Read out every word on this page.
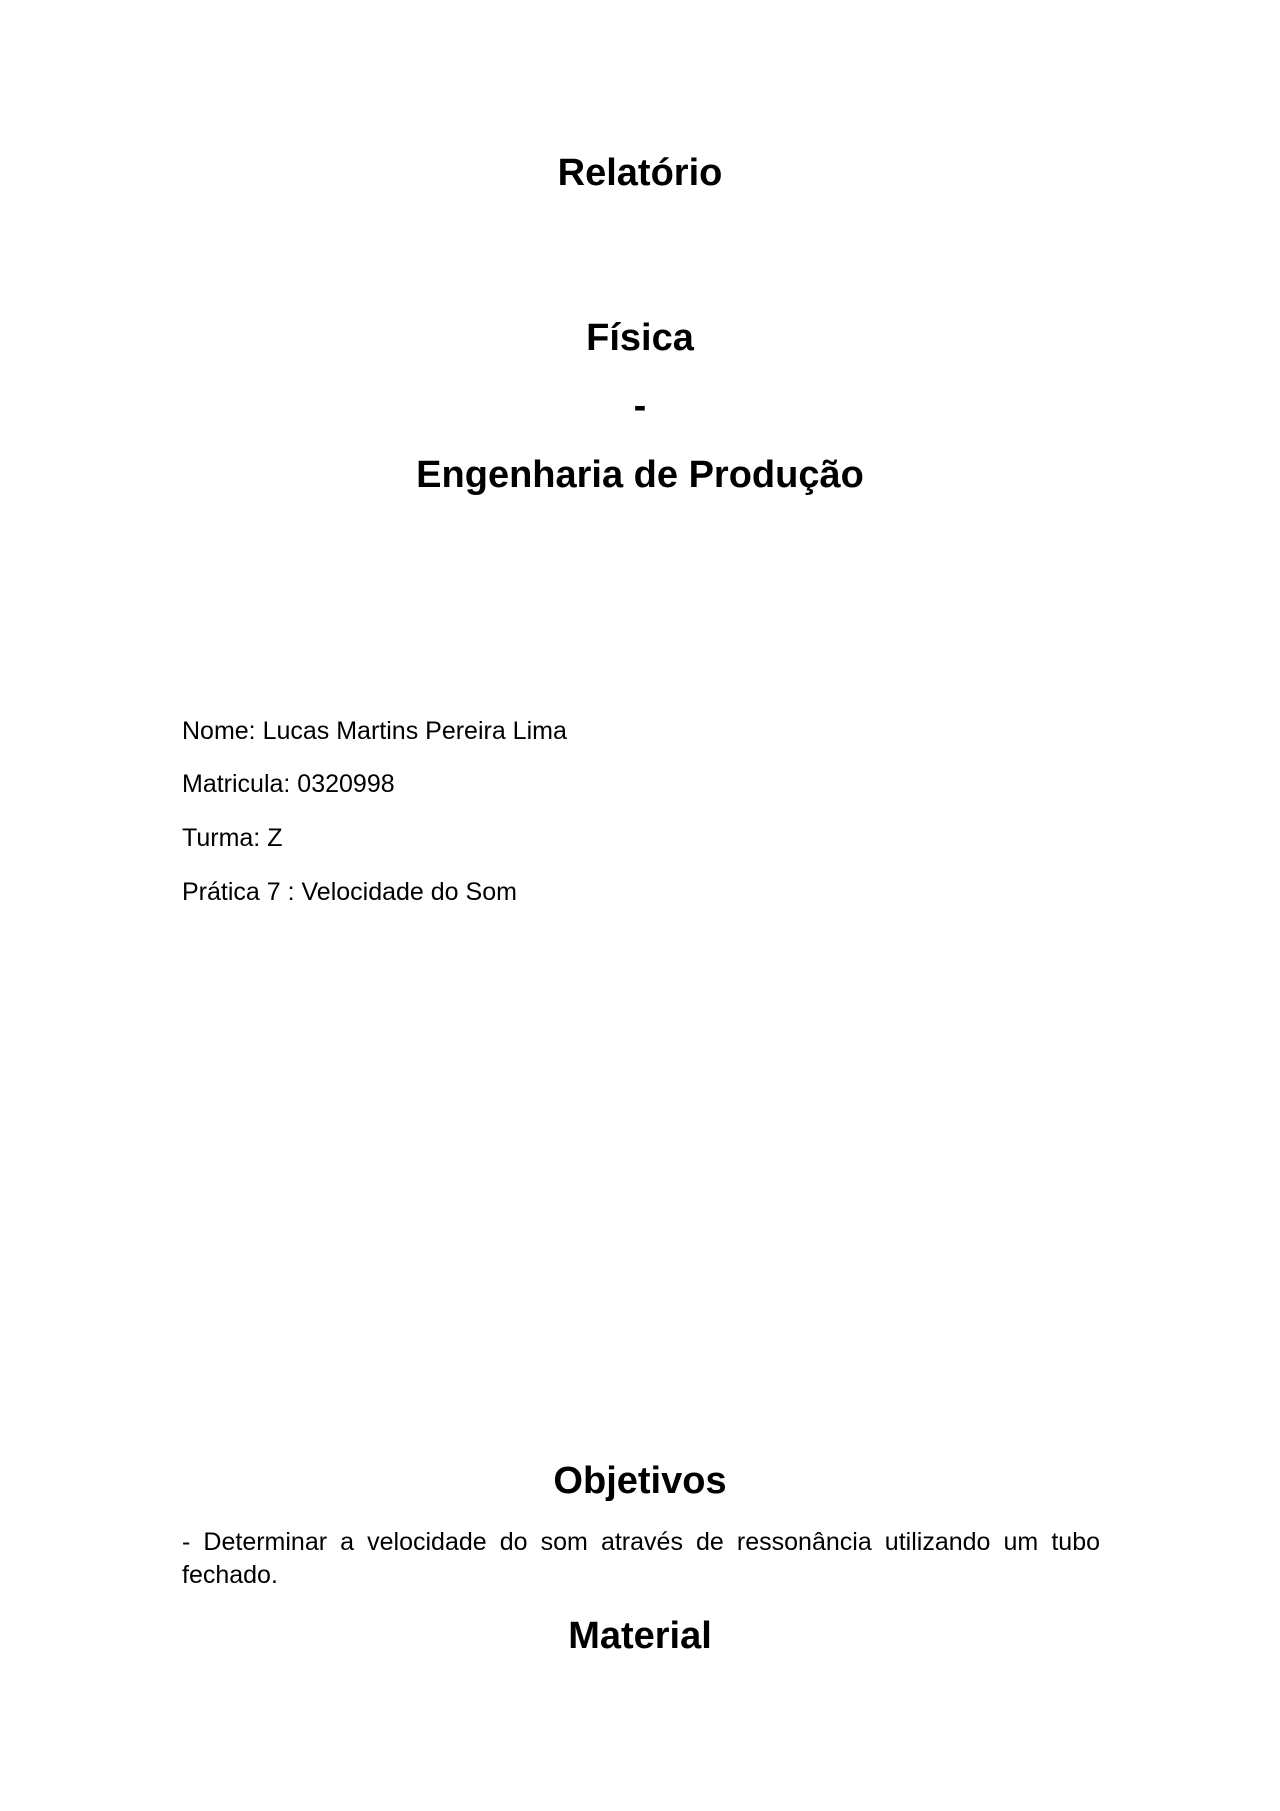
Relatório
Física
-
Engenharia de Produção

Nome: Lucas Martins Pereira Lima

Matricula: 0320998

Turma: Z

Prática 7 : Velocidade do Som

Objetivos

- Determinar a velocidade do som através de ressonância utilizando um tubo fechado.

Material
